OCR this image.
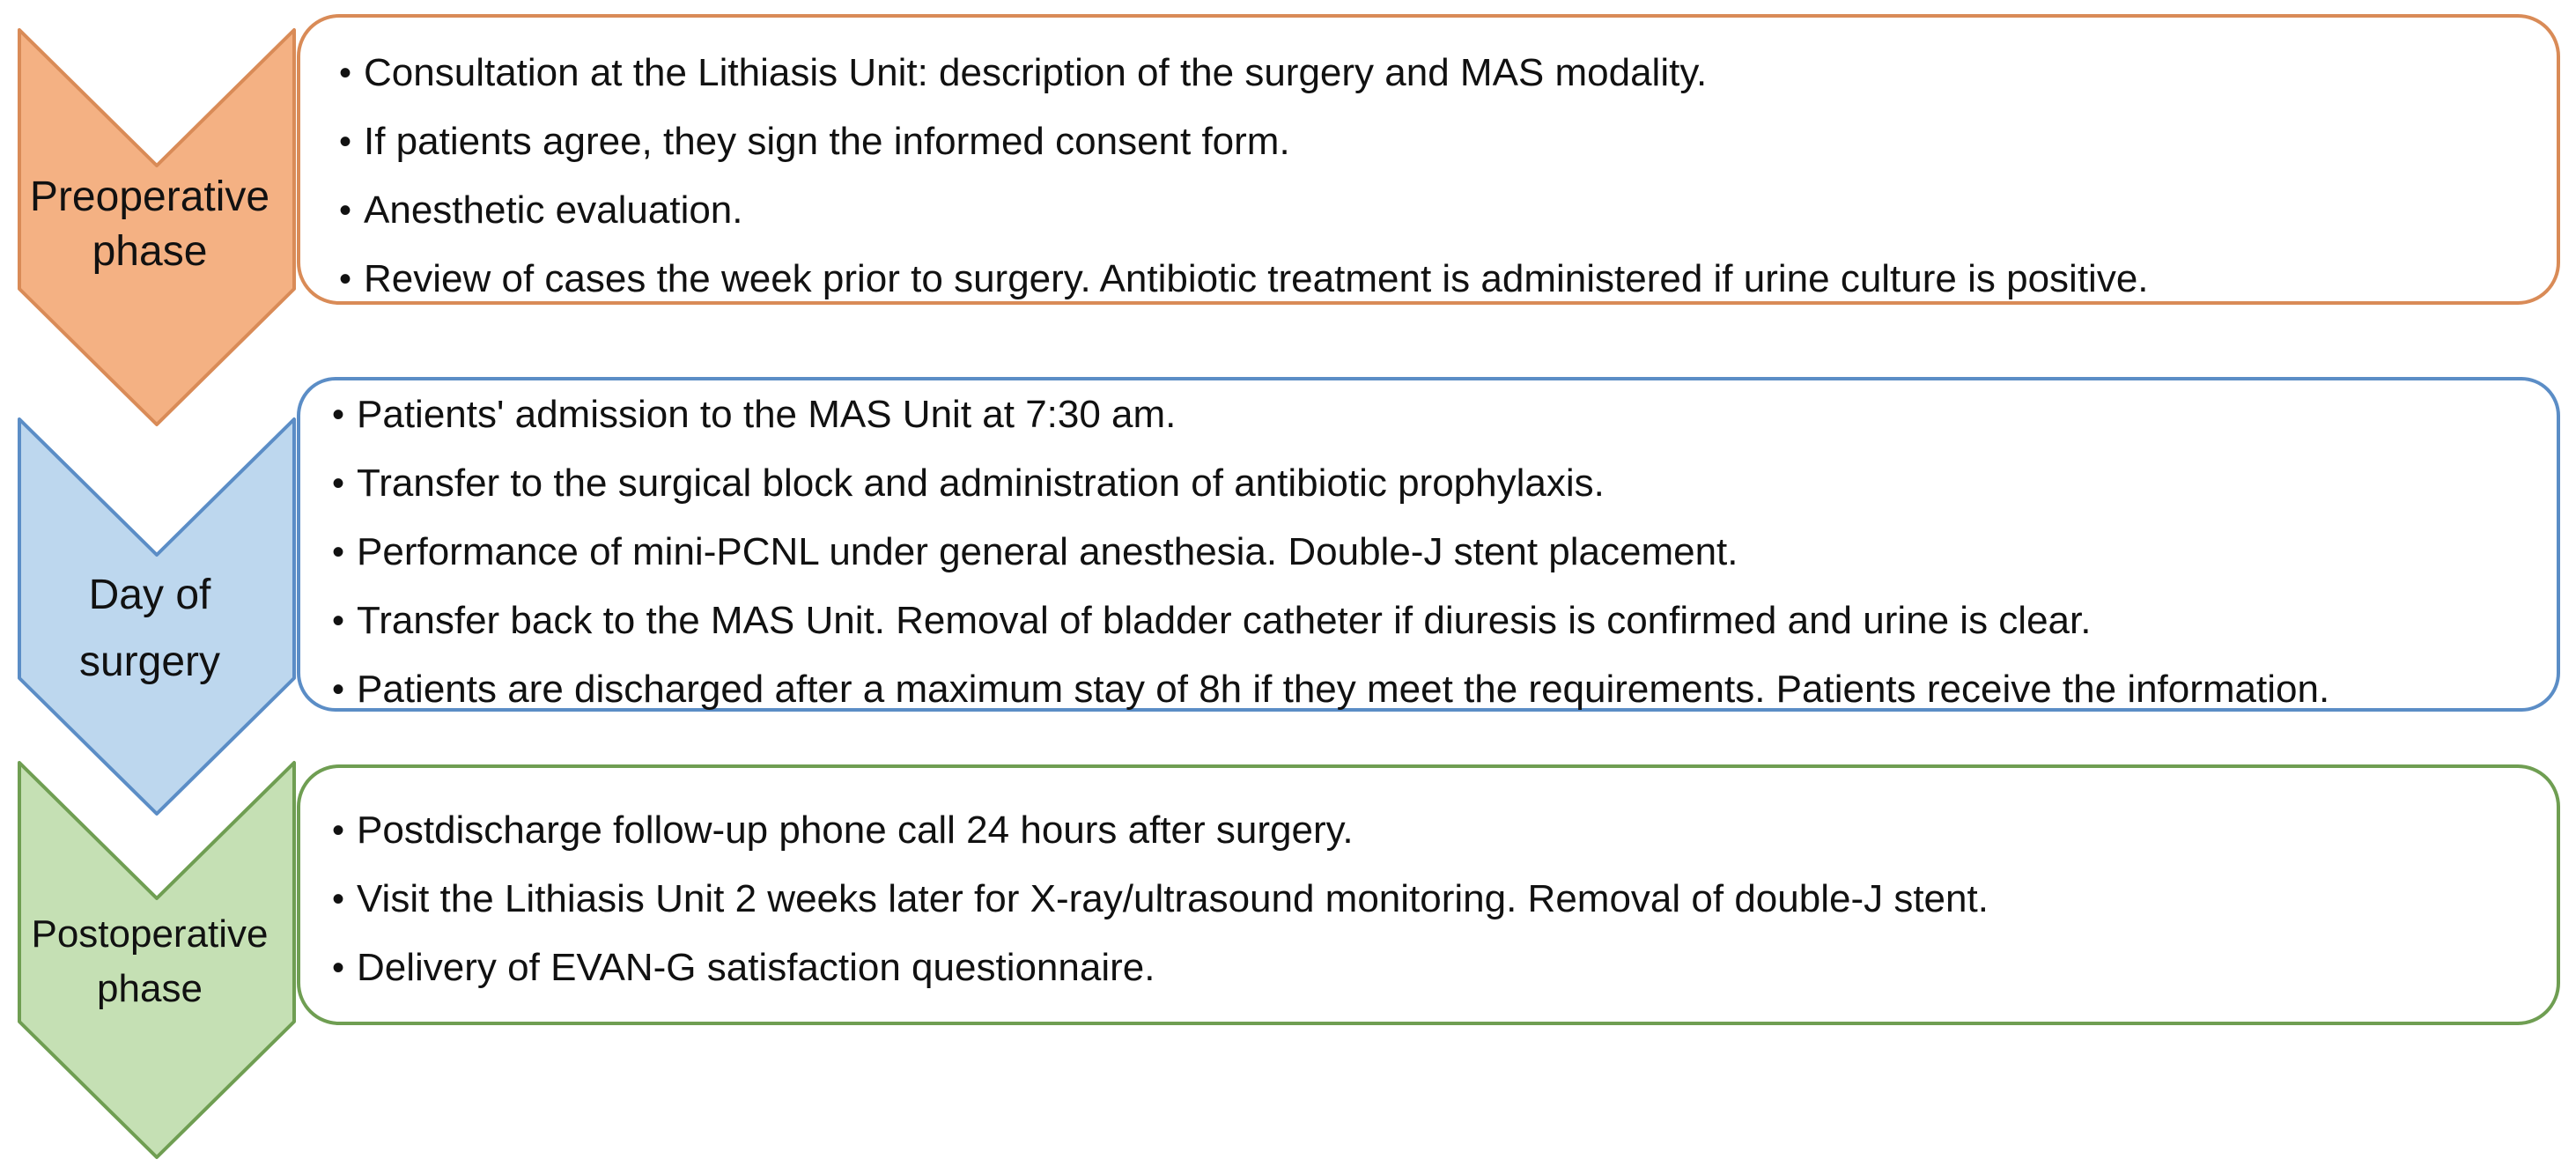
Preoperative
phase
Day of
surgery
Postoperative
phase
• Consultation at the Lithiasis Unit: description of the surgery and MAS modality.
• If patients agree, they sign the informed consent form.
• Anesthetic evaluation.
• Review of cases the week prior to surgery. Antibiotic treatment is administered if urine culture is positive.
• Patients' admission to the MAS Unit at 7:30 am.
• Transfer to the surgical block and administration of antibiotic prophylaxis.
• Performance of mini-PCNL under general anesthesia. Double-J stent placement.
• Transfer back to the MAS Unit. Removal of bladder catheter if diuresis is confirmed and urine is clear.
• Patients are discharged after a maximum stay of 8h if they meet the requirements. Patients receive the information.
• Postdischarge follow-up phone call 24 hours after surgery.
• Visit the Lithiasis Unit 2 weeks later for X-ray/ultrasound monitoring. Removal of double-J stent.
• Delivery of EVAN-G satisfaction questionnaire.
